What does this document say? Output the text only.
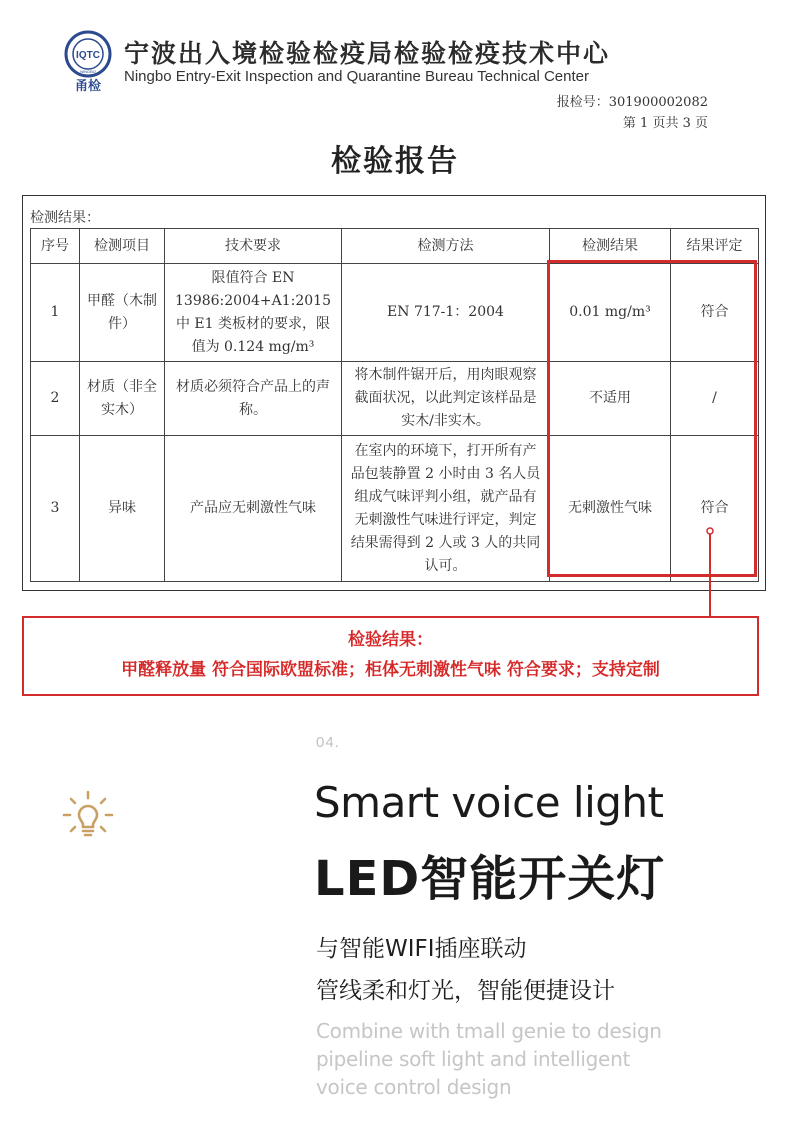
IQTC
NINGBO
甬检
宁波出入境检验检疫局检验检疫技术中心
Ningbo Entry-Exit Inspection and Quarantine Bureau Technical Center
报检号：301900002082
第 1 页共 3 页
检验报告
检测结果：
序号	检测项目	技术要求	检测方法	检测结果	结果评定
1	甲醛（木制件）	限值符合 EN 13986:2004+A1:2015 中 E1 类板材的要求，限值为 0.124 mg/m³	EN 717-1：2004	0.01 mg/m³	符合
2	材质（非全实木）	材质必须符合产品上的声称。	将木制件锯开后，用肉眼观察截面状况，以此判定该样品是实木/非实木。	不适用	/
3	异味	产品应无刺激性气味	在室内的环境下，打开所有产品包装静置 2 小时由 3 名人员组成气味评判小组，就产品有无刺激性气味进行评定，判定结果需得到 2 人或 3 人的共同认可。	无刺激性气味	符合
检验结果：
甲醛释放量 符合国际欧盟标准；柜体无刺激性气味 符合要求；支持定制
04.
Smart voice light
LED智能开关灯
与智能WIFI插座联动
管线柔和灯光，智能便捷设计
Combine with tmall genie to design
pipeline soft light and intelligent
voice control design
